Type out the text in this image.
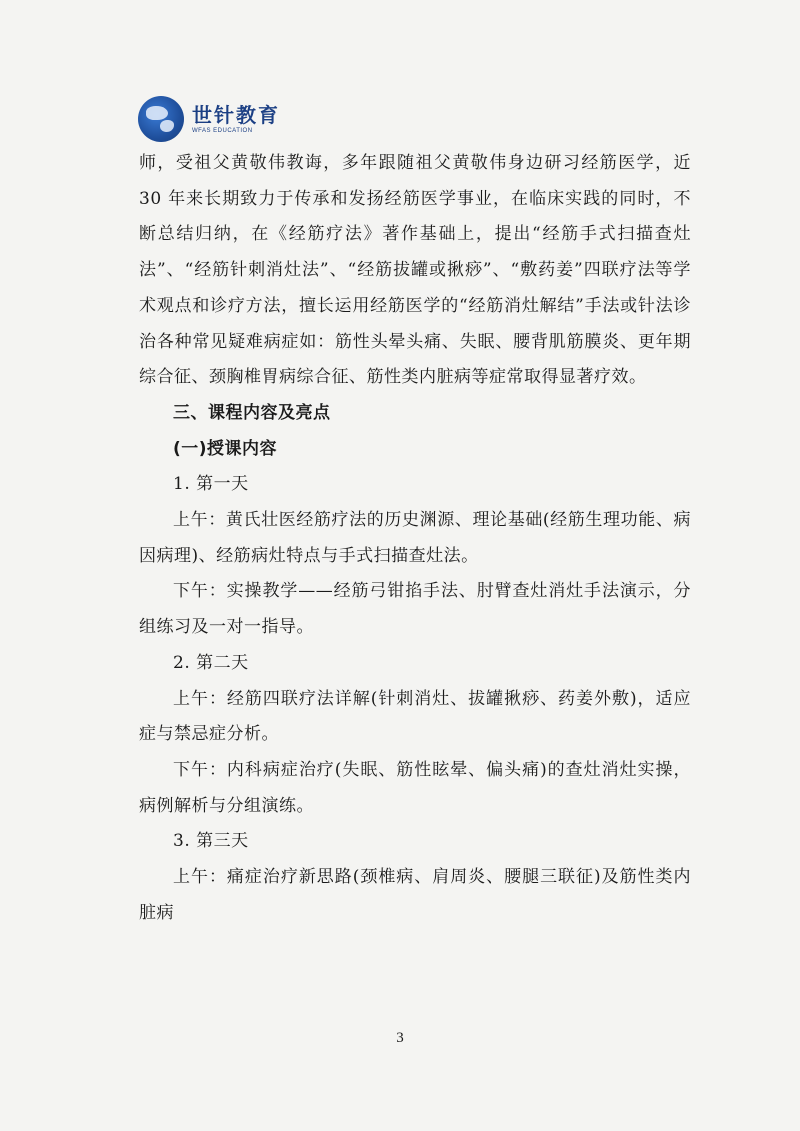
世针教育
WFAS EDUCATION

师，受祖父黄敬伟教诲，多年跟随祖父黄敬伟身边研习经筋医学，近 30 年来长期致力于传承和发扬经筋医学事业，在临床实践的同时，不断总结归纳，在《经筋疗法》著作基础上，提出“经筋手式扫描查灶法”、“经筋针刺消灶法”、“经筋拔罐或揪痧”、“敷药姜”四联疗法等学术观点和诊疗方法，擅长运用经筋医学的“经筋消灶解结”手法或针法诊治各种常见疑难病症如：筋性头晕头痛、失眠、腰背肌筋膜炎、更年期综合征、颈胸椎胃病综合征、筋性类内脏病等症常取得显著疗效。

三、课程内容及亮点

(一)授课内容

1. 第一天

上午：黄氏壮医经筋疗法的历史渊源、理论基础(经筋生理功能、病因病理)、经筋病灶特点与手式扫描查灶法。

下午：实操教学——经筋弓钳掐手法、肘臂查灶消灶手法演示，分组练习及一对一指导。

2. 第二天

上午：经筋四联疗法详解(针刺消灶、拔罐揪痧、药姜外敷)，适应症与禁忌症分析。

下午：内科病症治疗(失眠、筋性眩晕、偏头痛)的查灶消灶实操，病例解析与分组演练。

3. 第三天

上午：痛症治疗新思路(颈椎病、肩周炎、腰腿三联征)及筋性类内脏病

3
